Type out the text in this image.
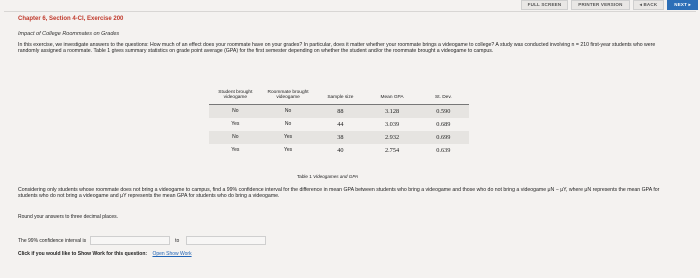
FULL SCREEN	PRINTER VERSION	◂ BACK	NEXT ▸
Chapter 6, Section 4-CI, Exercise 200
Impact of College Roommates on Grades
In this exercise, we investigate answers to the questions: How much of an effect does your roommate have on your grades? In particular, does it matter whether your roommate brings a videogame to college? A study was conducted involving n = 210 first-year students who were randomly assigned a roommate. Table 1 gives summary statistics on grade point average (GPA) for the first semester depending on whether the student and/or the roommate brought a videogame to campus.
Student brought videogame	Roommate brought videogame	Sample size	Mean GPA	St. Dev.
No	No	88	3.128	0.590
Yes	No	44	3.039	0.689
No	Yes	38	2.932	0.699
Yes	Yes	40	2.754	0.639
Table 1 Videogames and GPA
Considering only students whose roommate does not bring a videogame to campus, find a 99% confidence interval for the difference in mean GPA between students who bring a videogame and those who do not bring a videogame μN − μY, where μN represents the mean GPA for students who do not bring a videogame and μY represents the mean GPA for students who do bring a videogame.
Round your answers to three decimal places.
The 99% confidence interval is	to
Click if you would like to Show Work for this question: Open Show Work
